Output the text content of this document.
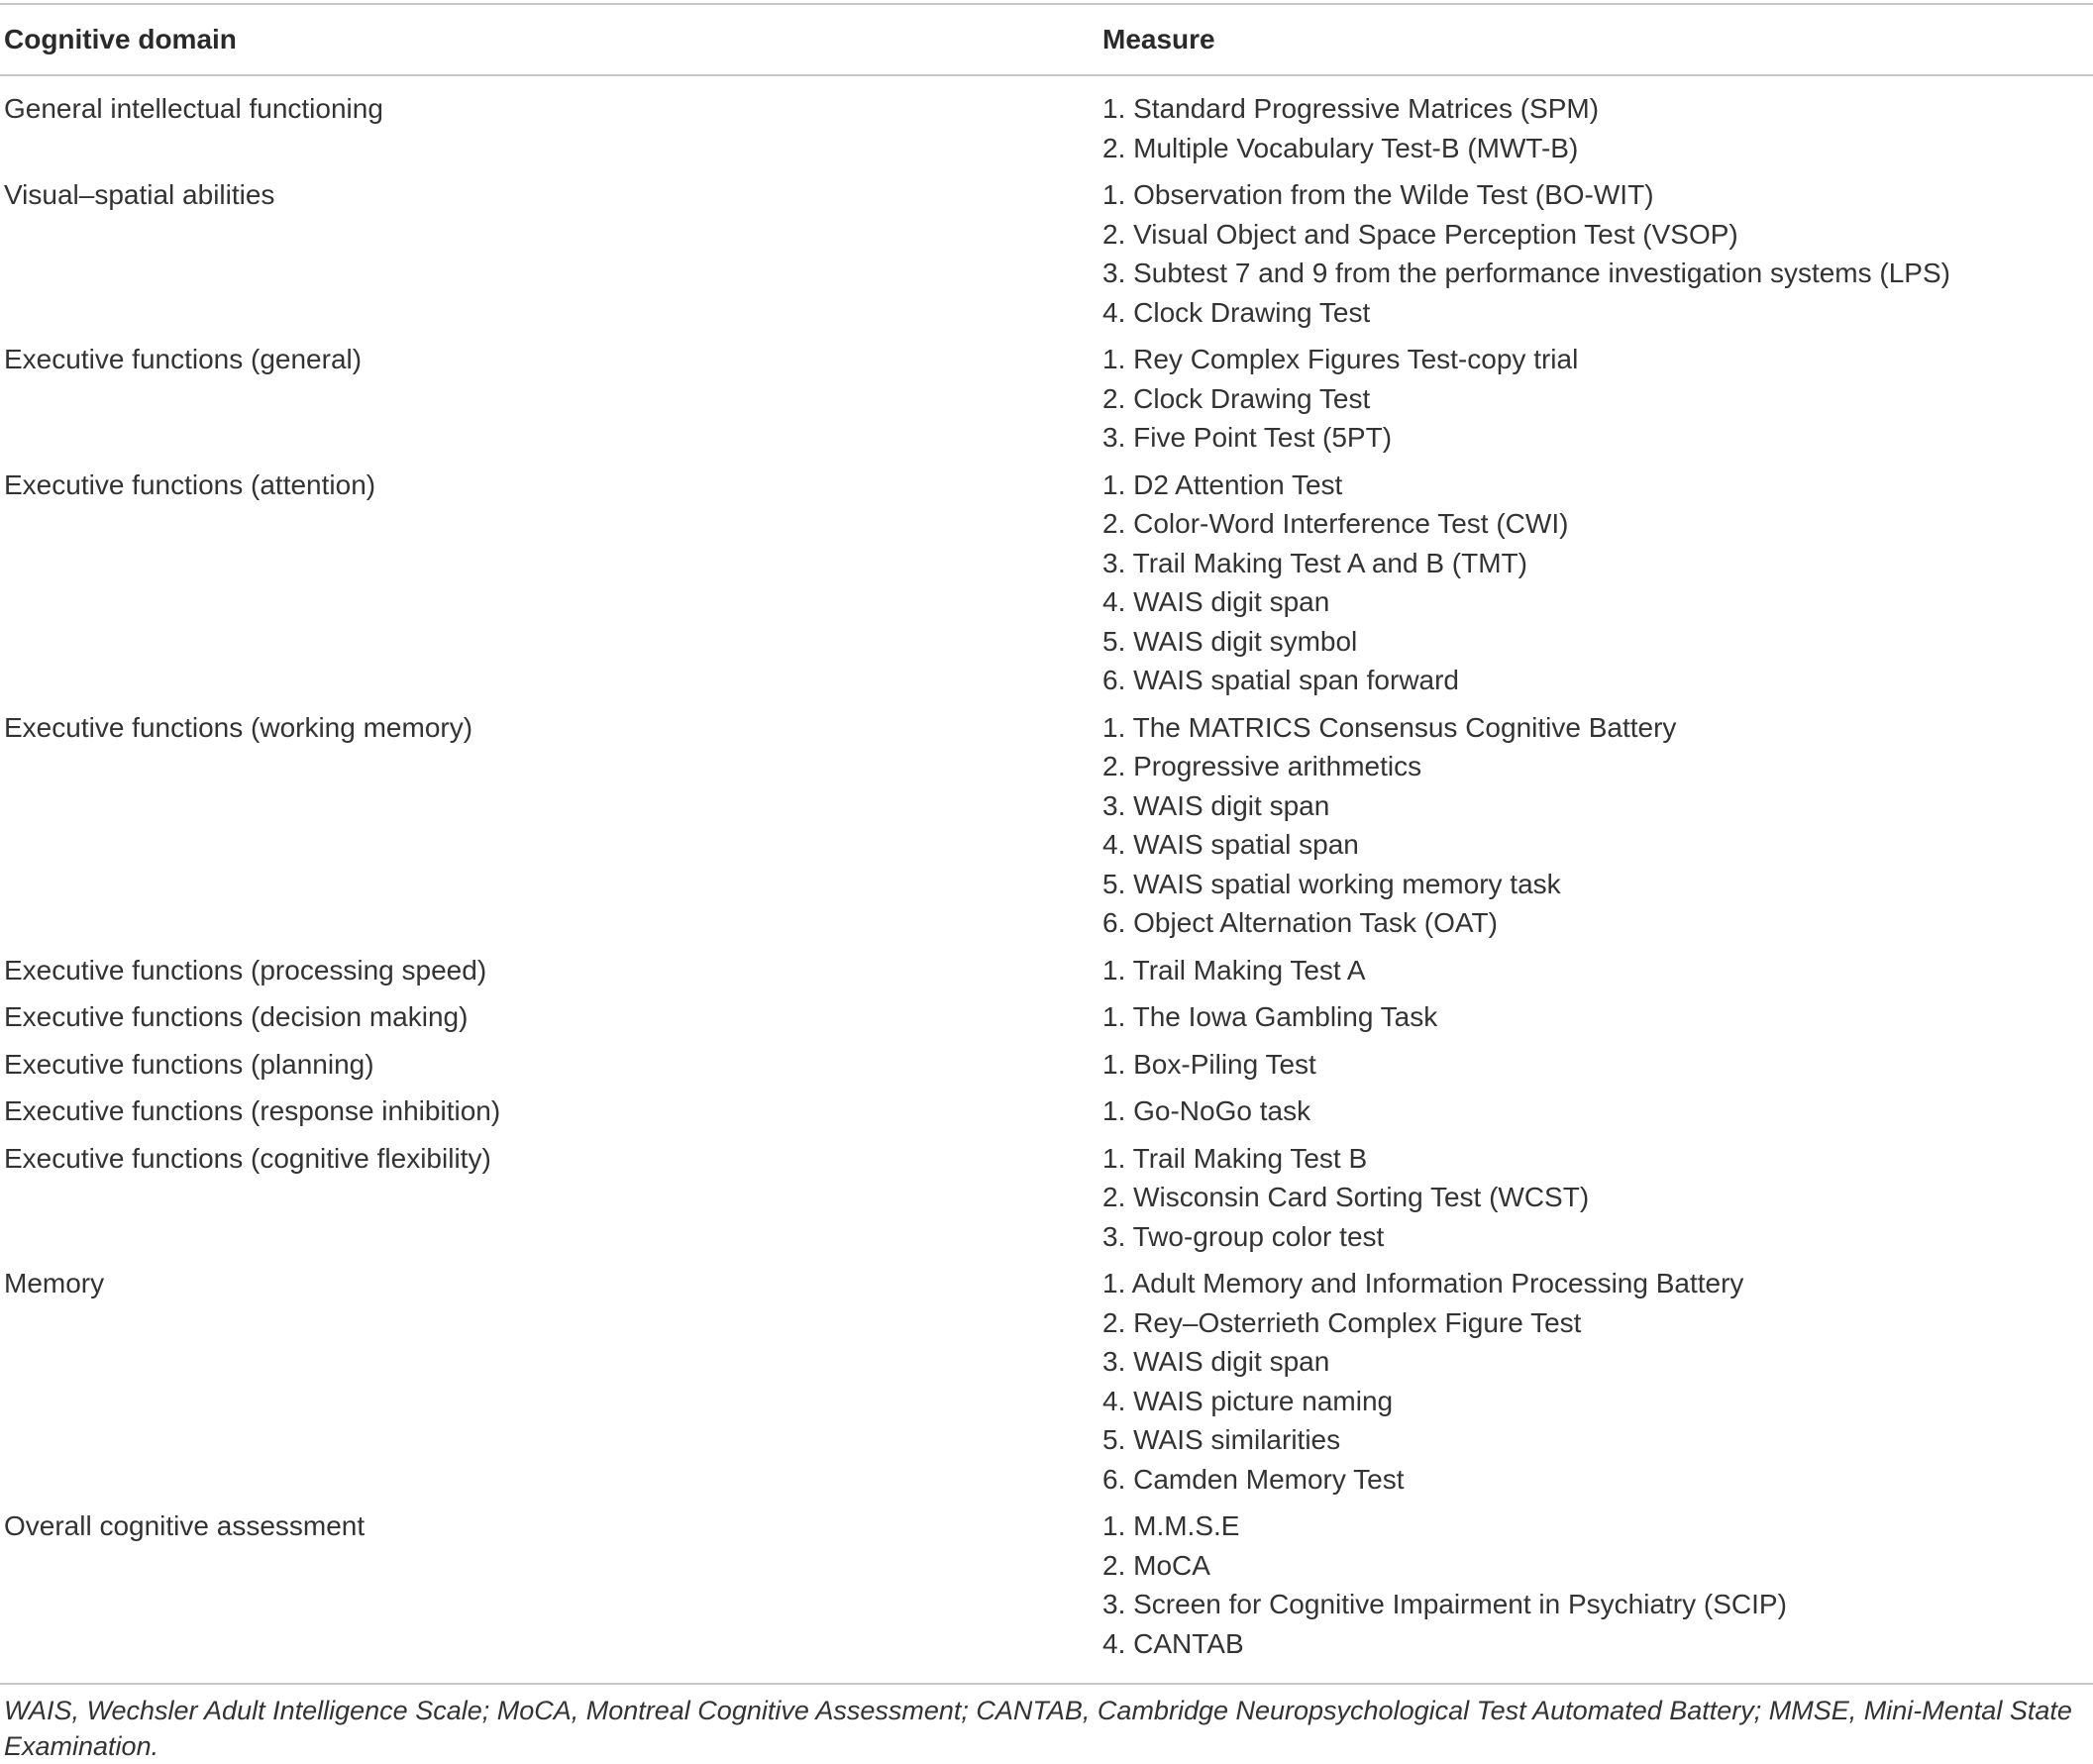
Cognitive domain	Measure
General intellectual functioning	1. Standard Progressive Matrices (SPM)
2. Multiple Vocabulary Test-B (MWT-B)
Visual–spatial abilities	1. Observation from the Wilde Test (BO-WIT)
2. Visual Object and Space Perception Test (VSOP)
3. Subtest 7 and 9 from the performance investigation systems (LPS)
4. Clock Drawing Test
Executive functions (general)	1. Rey Complex Figures Test-copy trial
2. Clock Drawing Test
3. Five Point Test (5PT)
Executive functions (attention)	1. D2 Attention Test
2. Color-Word Interference Test (CWI)
3. Trail Making Test A and B (TMT)
4. WAIS digit span
5. WAIS digit symbol
6. WAIS spatial span forward
Executive functions (working memory)	1. The MATRICS Consensus Cognitive Battery
2. Progressive arithmetics
3. WAIS digit span
4. WAIS spatial span
5. WAIS spatial working memory task
6. Object Alternation Task (OAT)
Executive functions (processing speed)	1. Trail Making Test A
Executive functions (decision making)	1. The Iowa Gambling Task
Executive functions (planning)	1. Box-Piling Test
Executive functions (response inhibition)	1. Go-NoGo task
Executive functions (cognitive flexibility)	1. Trail Making Test B
2. Wisconsin Card Sorting Test (WCST)
3. Two-group color test
Memory	1. Adult Memory and Information Processing Battery
2. Rey–Osterrieth Complex Figure Test
3. WAIS digit span
4. WAIS picture naming
5. WAIS similarities
6. Camden Memory Test
Overall cognitive assessment	1. M.M.S.E
2. MoCA
3. Screen for Cognitive Impairment in Psychiatry (SCIP)
4. CANTAB
WAIS, Wechsler Adult Intelligence Scale; MoCA, Montreal Cognitive Assessment; CANTAB, Cambridge Neuropsychological Test Automated Battery; MMSE, Mini-Mental State Examination.
